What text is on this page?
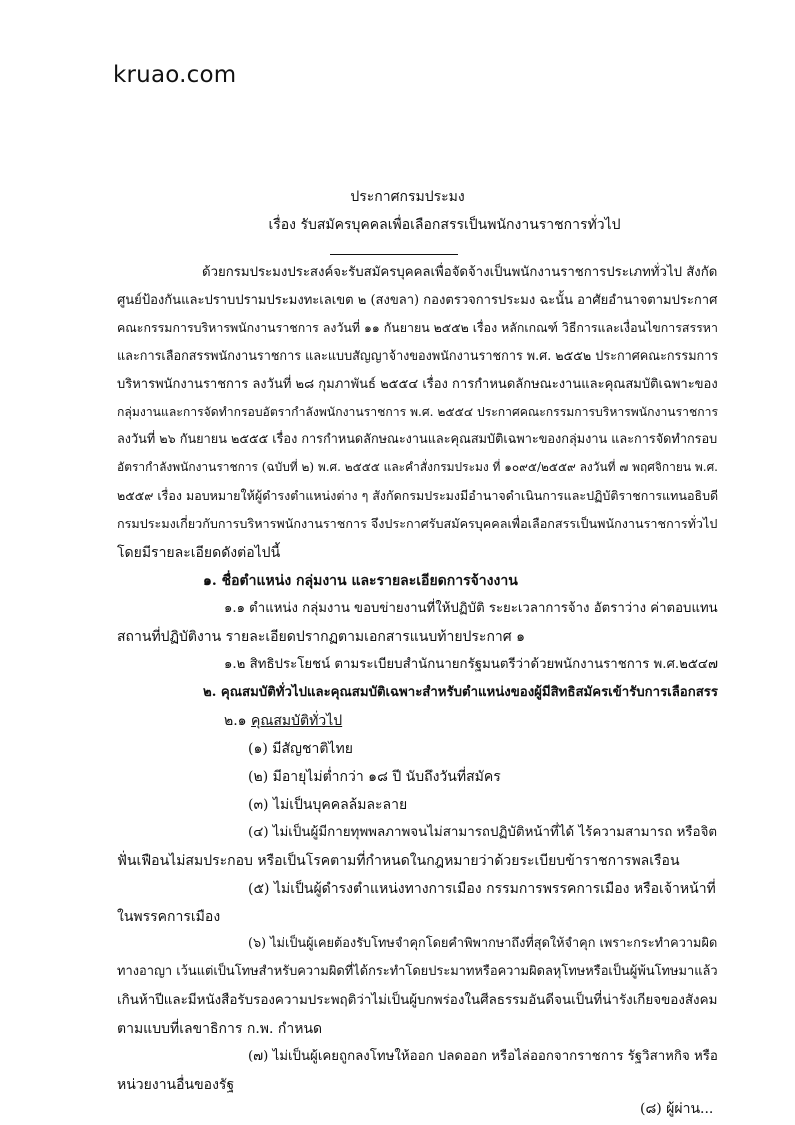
kruao.com
ประกาศกรมประมง
เรื่อง รับสมัครบุคคลเพื่อเลือกสรรเป็นพนักงานราชการทั่วไป
ด้วยกรมประมงประสงค์จะรับสมัครบุคคลเพื่อจัดจ้างเป็นพนักงานราชการประเภททั่วไป สังกัด
ศูนย์ป้องกันและปราบปรามประมงทะเลเขต ๒ (สงขลา) กองตรวจการประมง ฉะนั้น อาศัยอำนาจตามประกาศ
คณะกรรมการบริหารพนักงานราชการ ลงวันที่ ๑๑ กันยายน ๒๕๕๒ เรื่อง หลักเกณฑ์ วิธีการและเงื่อนไขการสรรหา
และการเลือกสรรพนักงานราชการ และแบบสัญญาจ้างของพนักงานราชการ พ.ศ. ๒๕๕๒ ประกาศคณะกรรมการ
บริหารพนักงานราชการ ลงวันที่ ๒๘ กุมภาพันธ์ ๒๕๕๔ เรื่อง การกำหนดลักษณะงานและคุณสมบัติเฉพาะของ
กลุ่มงานและการจัดทำกรอบอัตรากำลังพนักงานราชการ พ.ศ. ๒๕๕๔ ประกาศคณะกรรมการบริหารพนักงานราชการ
ลงวันที่ ๒๖ กันยายน ๒๕๕๕ เรื่อง การกำหนดลักษณะงานและคุณสมบัติเฉพาะของกลุ่มงาน และการจัดทำกรอบ
อัตรากำลังพนักงานราชการ (ฉบับที่ ๒) พ.ศ. ๒๕๕๕ และคำสั่งกรมประมง ที่ ๑๐๙๕/๒๕๕๙ ลงวันที่ ๗ พฤศจิกายน พ.ศ.
๒๕๕๙ เรื่อง มอบหมายให้ผู้ดำรงตำแหน่งต่าง ๆ สังกัดกรมประมงมีอำนาจดำเนินการและปฏิบัติราชการแทนอธิบดี
กรมประมงเกี่ยวกับการบริหารพนักงานราชการ จึงประกาศรับสมัครบุคคลเพื่อเลือกสรรเป็นพนักงานราชการทั่วไป
โดยมีรายละเอียดดังต่อไปนี้
๑. ชื่อตำแหน่ง กลุ่มงาน และรายละเอียดการจ้างงาน
๑.๑ ตำแหน่ง กลุ่มงาน ขอบข่ายงานที่ให้ปฏิบัติ ระยะเวลาการจ้าง อัตราว่าง ค่าตอบแทน
สถานที่ปฏิบัติงาน รายละเอียดปรากฏตามเอกสารแนบท้ายประกาศ ๑
๑.๒ สิทธิประโยชน์ ตามระเบียบสำนักนายกรัฐมนตรีว่าด้วยพนักงานราชการ พ.ศ.๒๕๔๗
๒. คุณสมบัติทั่วไปและคุณสมบัติเฉพาะสำหรับตำแหน่งของผู้มีสิทธิสมัครเข้ารับการเลือกสรร
๒.๑ คุณสมบัติทั่วไป
(๑) มีสัญชาติไทย
(๒) มีอายุไม่ต่ำกว่า ๑๘ ปี นับถึงวันที่สมัคร
(๓) ไม่เป็นบุคคลล้มละลาย
(๔) ไม่เป็นผู้มีกายทุพพลภาพจนไม่สามารถปฏิบัติหน้าที่ได้ ไร้ความสามารถ หรือจิต
ฟั่นเฟือนไม่สมประกอบ หรือเป็นโรคตามที่กำหนดในกฎหมายว่าด้วยระเบียบข้าราชการพลเรือน
(๕) ไม่เป็นผู้ดำรงตำแหน่งทางการเมือง กรรมการพรรคการเมือง หรือเจ้าหน้าที่
ในพรรคการเมือง
(๖) ไม่เป็นผู้เคยต้องรับโทษจำคุกโดยคำพิพากษาถึงที่สุดให้จำคุก เพราะกระทำความผิด
ทางอาญา เว้นแต่เป็นโทษสำหรับความผิดที่ได้กระทำโดยประมาทหรือความผิดลหุโทษหรือเป็นผู้พ้นโทษมาแล้ว
เกินห้าปีและมีหนังสือรับรองความประพฤติว่าไม่เป็นผู้บกพร่องในศีลธรรมอันดีจนเป็นที่น่ารังเกียจของสังคม
ตามแบบที่เลขาธิการ ก.พ. กำหนด
(๗) ไม่เป็นผู้เคยถูกลงโทษให้ออก ปลดออก หรือไล่ออกจากราชการ รัฐวิสาหกิจ หรือ
หน่วยงานอื่นของรัฐ
(๘) ผู้ผ่าน...
